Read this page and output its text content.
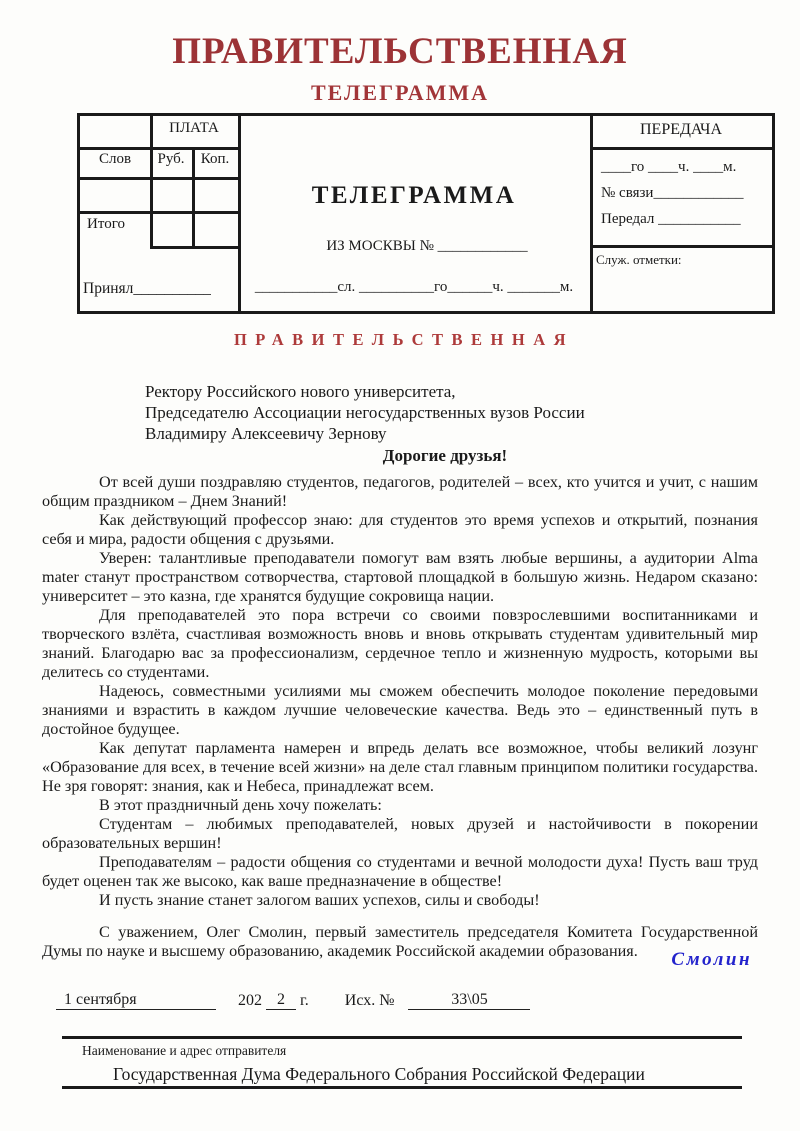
ПРАВИТЕЛЬСТВЕННАЯ
ТЕЛЕГРАММА
ПЛАТА
Слов	Руб.	Коп.
Итого
Принял__________
ТЕЛЕГРАММА
ИЗ МОСКВЫ № ____________
___________сл. __________го______ч. _______м.
ПЕРЕДАЧА
____го ____ч. ____м.
№ связи____________
Передал ___________
Служ. отметки:
ПРАВИТЕЛЬСТВЕННАЯ
Ректору Российского нового университета,
Председателю Ассоциации негосударственных вузов России
Владимиру Алексеевичу Зернову
Дорогие друзья!

От всей души поздравляю студентов, педагогов, родителей – всех, кто учится и учит, с нашим общим праздником – Днем Знаний!

Как действующий профессор знаю: для студентов это время успехов и открытий, познания себя и мира, радости общения с друзьями.

Уверен: талантливые преподаватели помогут вам взять любые вершины, а аудитории Alma mater станут пространством сотворчества, стартовой площадкой в большую жизнь. Недаром сказано: университет – это казна, где хранятся будущие сокровища нации.

Для преподавателей это пора встречи со своими повзрослевшими воспитанниками и творческого взлёта, счастливая возможность вновь и вновь открывать студентам удивительный мир знаний. Благодарю вас за профессионализм, сердечное тепло и жизненную мудрость, которыми вы делитесь со студентами.

Надеюсь, совместными усилиями мы сможем обеспечить молодое поколение передовыми знаниями и взрастить в каждом лучшие человеческие качества. Ведь это – единственный путь в достойное будущее.

Как депутат парламента намерен и впредь делать все возможное, чтобы великий лозунг «Образование для всех, в течение всей жизни» на деле стал главным принципом политики государства. Не зря говорят: знания, как и Небеса, принадлежат всем.

В этот праздничный день хочу пожелать:

Студентам – любимых преподавателей, новых друзей и настойчивости в покорении образовательных вершин!

Преподавателям – радости общения со студентами и вечной молодости духа! Пусть ваш труд будет оценен так же высоко, как ваше предназначение в обществе!

И пусть знание станет залогом ваших успехов, силы и свободы!

С уважением, Олег Смолин, первый заместитель председателя Комитета Государственной Думы по науке и высшему образованию, академик Российской академии образования.	Смолин
1 сентября	202 2 г. Исх. №	33\05
Наименование и адрес отправителя
Государственная Дума Федерального Собрания Российской Федерации
